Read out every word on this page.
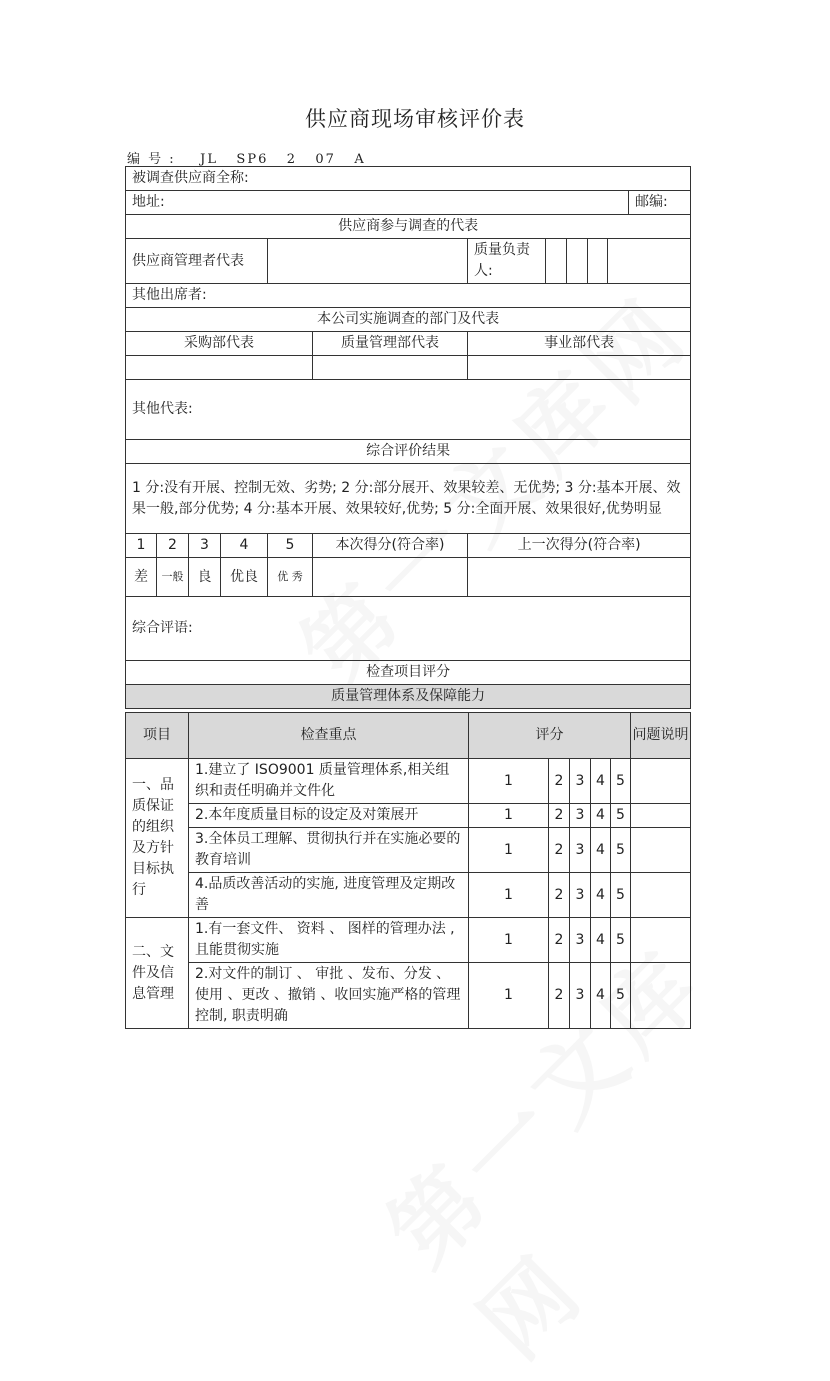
供应商现场审核评价表
编 号 :    JL   SP6   2   07   A
被调查供应商全称:											
地址:											邮编:
供应商参与调查的代表											
供应商管理者代表						质量负责人:					
其他出席者:											
本公司实施调查的部门及代表											
采购部代表					质量管理部代表	事业部代表					

其他代表:											
综合评价结果											
1 分:没有开展、控制无效、劣势; 2 分:部分展开、效果较差、无优势; 3 分:基本开展、效果一般,部分优势; 4 分:基本开展、效果较好,优势; 5 分:全面开展、效果很好,优势明显											
1	2	3	4	5	本次得分(符合率)	上一次得分(符合率)					
差	一般	良	优良	优 秀							
综合评语:											
检查项目评分											
质量管理体系及保障能力											
项目	检查重点	评分					问题说明
一、品质保证的组织及方针目标执行	1.建立了 ISO9001 质量管理体系,相关组织和责任明确并文件化	1	2	3	4	5	
	2.本年度质量目标的设定及对策展开	1	2	3	4	5	
	3.全体员工理解、贯彻执行并在实施必要的教育培训	1	2	3	4	5	
	4.品质改善活动的实施, 进度管理及定期改善	1	2	3	4	5	
二、文件及信息管理	1.有一套文件、 资料 、 图样的管理办法 ,且能贯彻实施	1	2	3	4	5	
	2.对文件的制订 、 审批 、发布、分发 、使用 、更改 、撤销 、收回实施严格的管理控制, 职责明确	1	2	3	4	5	
